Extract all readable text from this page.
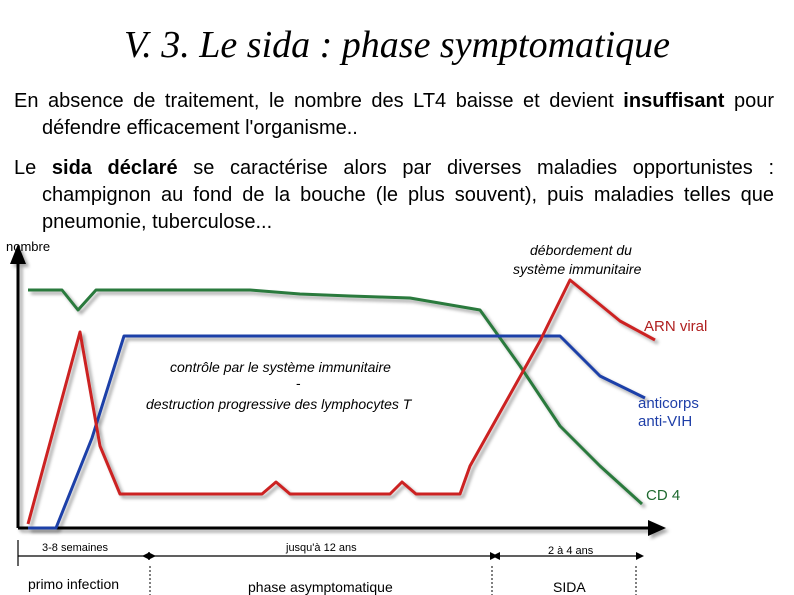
V. 3. Le sida : phase symptomatique
En absence de traitement, le nombre des LT4 baisse et devient insuffisant pour défendre efficacement l'organisme..
Le sida déclaré se caractérise alors par diverses maladies opportunistes : champignon au fond de la bouche (le plus souvent), puis maladies telles que pneumonie, tuberculose...
nombre	débordement du
système immunitaire
contrôle par le système immunitaire
-
destruction progressive des lymphocytes T
ARN viral
anticorps
anti-VIH
CD 4
3-8 semaines	jusqu'à 12 ans	2 à 4 ans
primo infection	phase asymptomatique	SIDA
